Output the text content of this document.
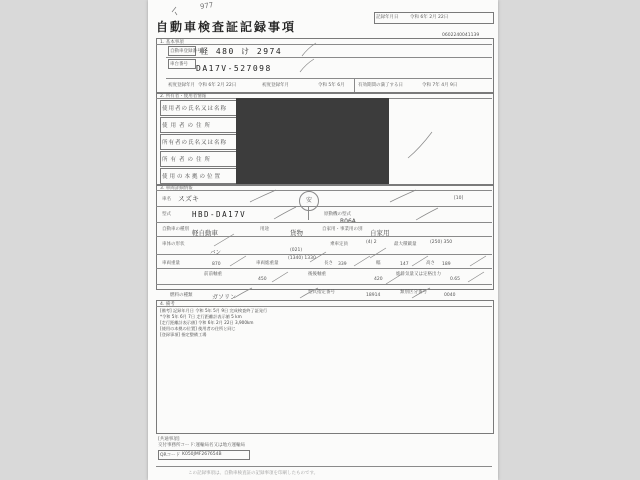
977
記録年月日	令和 6年 2月 22日
自動車検査証記録事項
0602240041139
1. 基本事項
自動車登録番号
軽 480 け 2974
車台番号 DA17V-527098
初度登録年月 令和 6年 2月 22日	初度登録年月	令和 5年 6月	有効期間の満了する日	令和 7年 4月 9日
2. 所有者・使用者情報
使用者の氏名又は名称
使用者の住所
所有者の氏名又は名称
所有者の住所
使用の本拠の位置
3. 車両詳細情報
車名 スズキ	安	[10]
型式	HBD-DA17V	原動機の型式
R06A
自動車の種別 軽自動車	用途	貨物	自家用・事業用の別 自家用
車体の形状
バン	(021)
乗車定員	(4) 2	最大積載量	(250) 350
車両重量	870	車両総重量
(1340) 1330
長さ 339	幅	147	高さ 189
前前軸重
450
後後軸重
420
総排気量又は定格出力
0.65
燃料の種類	ガソリン
型式指定番号
18914
類別区分番号
0040
4. 備考
[備考] 記録年月日 令和 5年 5月 9日 完成検査終了証発行
*令和 5年 6月 7日 走行距離計表示値 5 km
[走行距離計表示値] 令和 6年 2月 22日 3,900km
[使用の本拠の位置] 使用者の住所と同じ
[登録事項] 指定整備工場
[共通事項]
交付事務所コード:運輸局名又は地方運輸局
QRコード K050JMF267654B
この記録事項は、自動車検査証の記録事項を印刷したものです。
